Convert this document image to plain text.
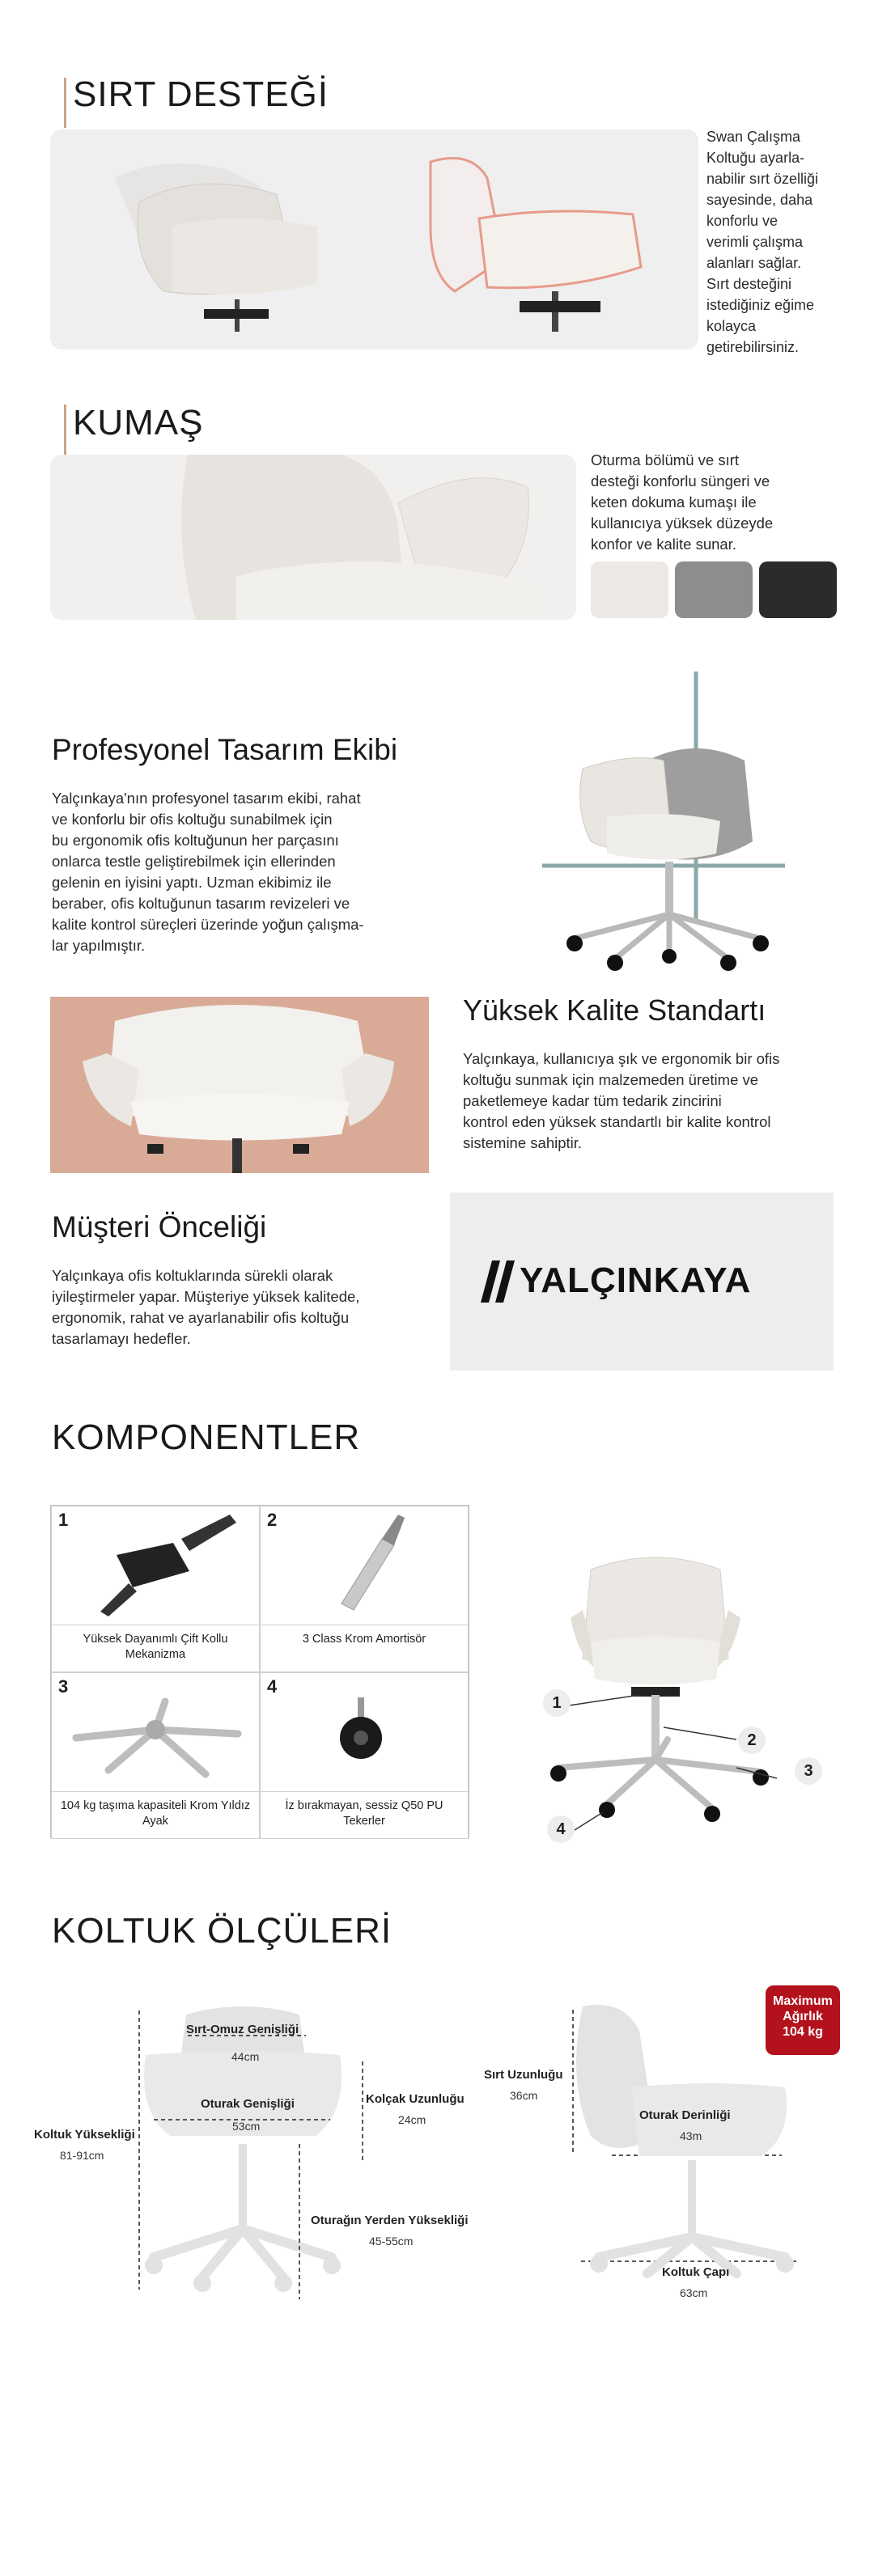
SIRT DESTEĞİ
Swan Çalışma
Koltuğu ayarla-
nabilir sırt özelliği
sayesinde, daha
konforlu ve
verimli çalışma
alanları sağlar.
Sırt desteğini
istediğiniz eğime
kolayca
getirebilirsiniz.
KUMAŞ
Oturma bölümü ve sırt
desteği konforlu süngeri ve
keten dokuma kumaşı ile
kullanıcıya yüksek düzeyde
konfor ve kalite sunar.
Profesyonel Tasarım Ekibi
Yalçınkaya'nın profesyonel tasarım ekibi, rahat
ve konforlu bir ofis koltuğu sunabilmek için
bu ergonomik ofis koltuğunun her parçasını
onlarca testle geliştirebilmek için ellerinden
gelenin en iyisini yaptı. Uzman ekibimiz ile
beraber, ofis koltuğunun tasarım revizeleri ve
kalite kontrol süreçleri üzerinde yoğun çalışma-
lar yapılmıştır.
Yüksek Kalite Standartı
Yalçınkaya, kullanıcıya şık ve ergonomik bir ofis
koltuğu sunmak için malzemeden üretime ve
paketlemeye kadar tüm tedarik zincirini
kontrol eden yüksek standartlı bir kalite kontrol
sistemine sahiptir.
Müşteri Önceliği
Yalçınkaya ofis koltuklarında sürekli olarak
iyileştirmeler yapar. Müşteriye yüksek kalitede,
ergonomik, rahat ve ayarlanabilir ofis koltuğu
tasarlamayı hedefler.
YALÇINKAYA
KOMPONENTLER
1
Yüksek Dayanımlı Çift Kollu Mekanizma
2
3 Class Krom Amortisör
3
104 kg taşıma kapasiteli Krom Yıldız Ayak
4
İz bırakmayan, sessiz Q50 PU Tekerler
1
2
3
4
KOLTUK ÖLÇÜLERİ
Sırt-Omuz Genişliği
44cm
Oturak Genişliği
53cm
Kolçak Uzunluğu
24cm
Koltuk Yüksekliği
81-91cm
Oturağın Yerden Yüksekliği
45-55cm
Sırt Uzunluğu
36cm
Oturak Derinliği
43m
Koltuk Çapı
63cm
Maximum
Ağırlık
104 kg
